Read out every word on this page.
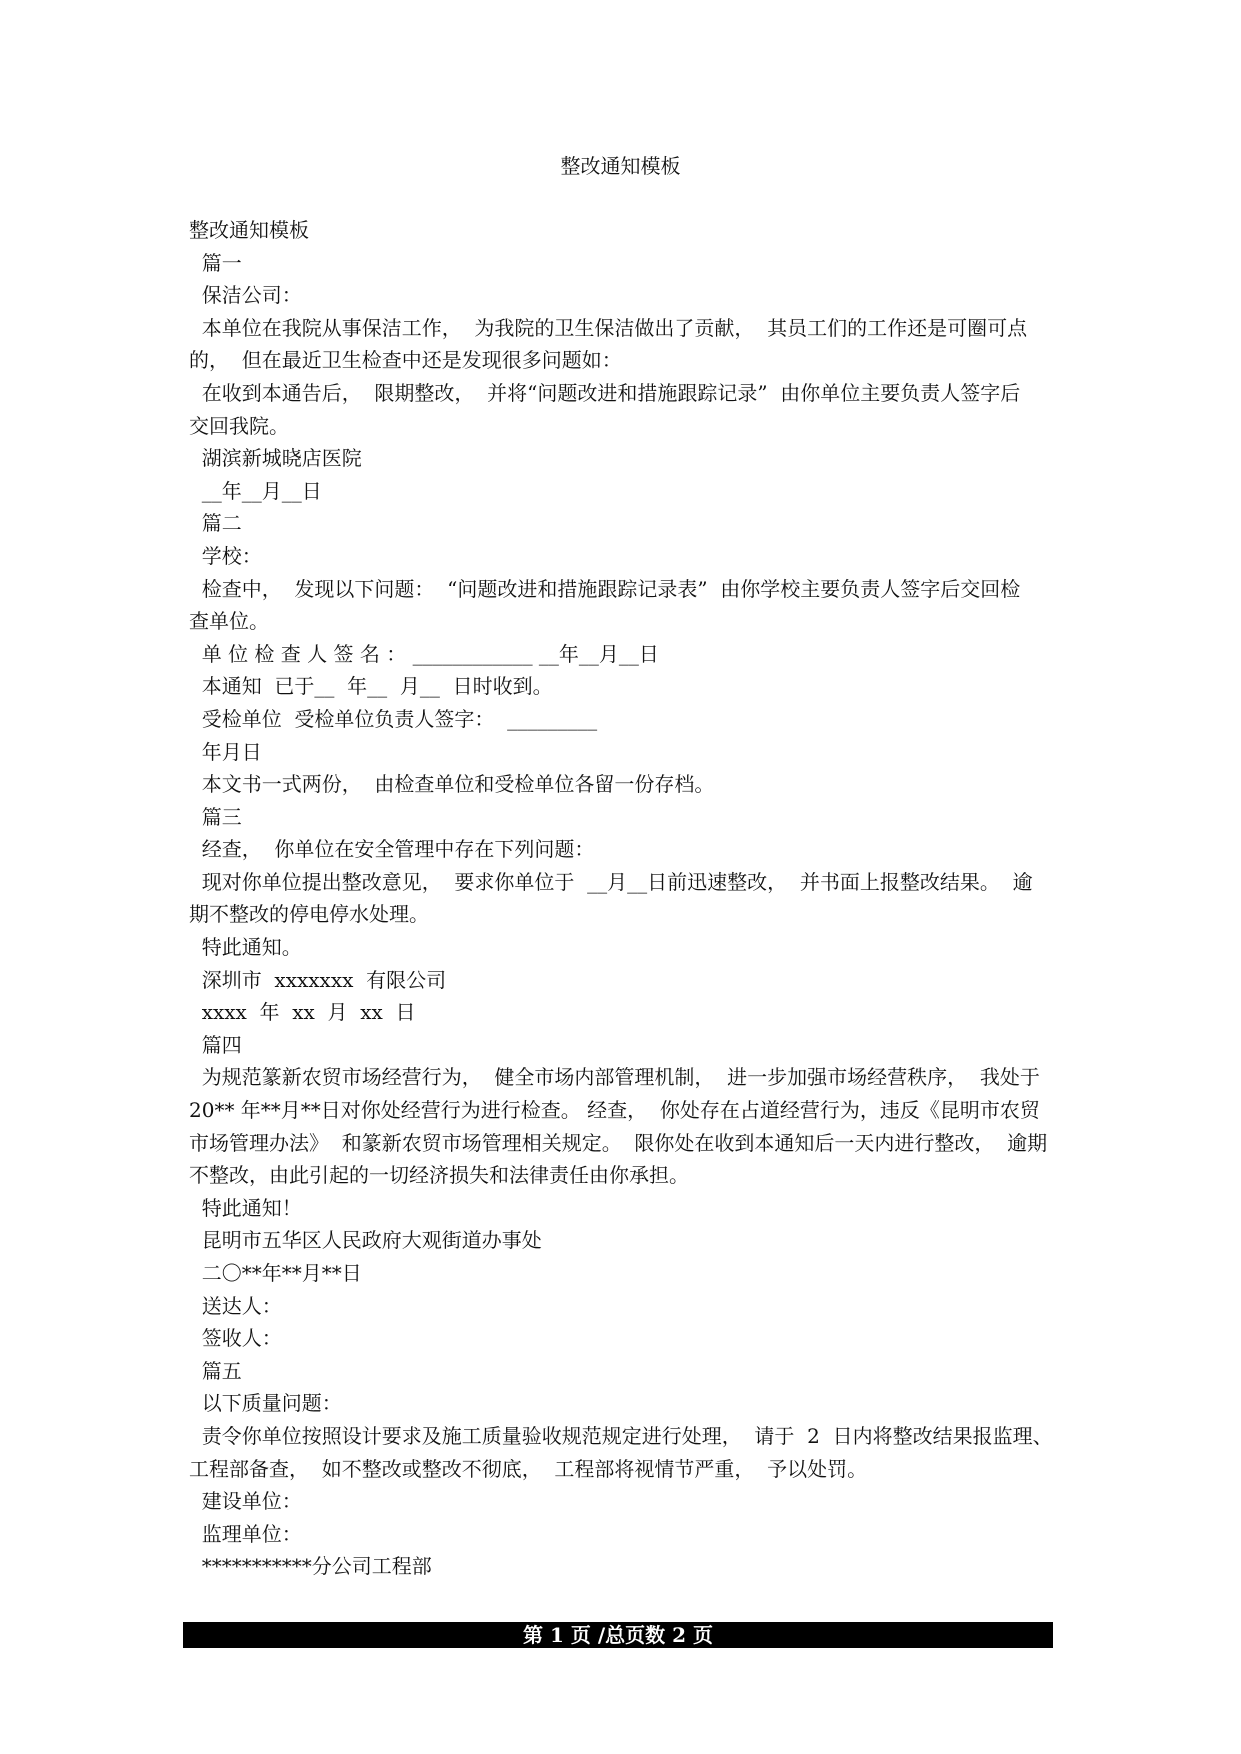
整改通知模板
整改通知模板
篇一
保洁公司：
本单位在我院从事保洁工作，  为我院的卫生保洁做出了贡献，  其员工们的工作还是可圈可点
的，  但在最近卫生检查中还是发现很多问题如：
在收到本通告后，  限期整改，  并将“问题改进和措施跟踪记录”  由你单位主要负责人签字后
交回我院。
湖滨新城晓店医院
__年__月__日
篇二
学校：
检查中，  发现以下问题：  “问题改进和措施跟踪记录表”  由你学校主要负责人签字后交回检
查单位。
单 位 检 查 人 签 名 ： ____________ __年__月__日
本通知  已于__  年__  月__  日时收到。
受检单位  受检单位负责人签字：  _________
年月日
本文书一式两份，  由检查单位和受检单位各留一份存档。
篇三
经查，  你单位在安全管理中存在下列问题：
现对你单位提出整改意见，  要求你单位于  __月__日前迅速整改，  并书面上报整改结果。  逾
期不整改的停电停水处理。
特此通知。
深圳市  xxxxxxx  有限公司
xxxx  年  xx  月  xx  日
篇四
为规范篆新农贸市场经营行为，  健全市场内部管理机制，  进一步加强市场经营秩序，  我处于
20** 年**月**日对你处经营行为进行检查。 经查，  你处存在占道经营行为，违反《昆明市农贸
市场管理办法》  和篆新农贸市场管理相关规定。  限你处在收到本通知后一天内进行整改，  逾期
不整改，由此引起的一切经济损失和法律责任由你承担。
特此通知！
昆明市五华区人民政府大观街道办事处
二〇**年**月**日
送达人：
签收人：
篇五
以下质量问题：
责令你单位按照设计要求及施工质量验收规范规定进行处理，  请于  2  日内将整改结果报监理、
工程部备查，  如不整改或整改不彻底，  工程部将视情节严重，  予以处罚。
建设单位：
监理单位：
***********分公司工程部
第 1 页 /总页数 2 页
